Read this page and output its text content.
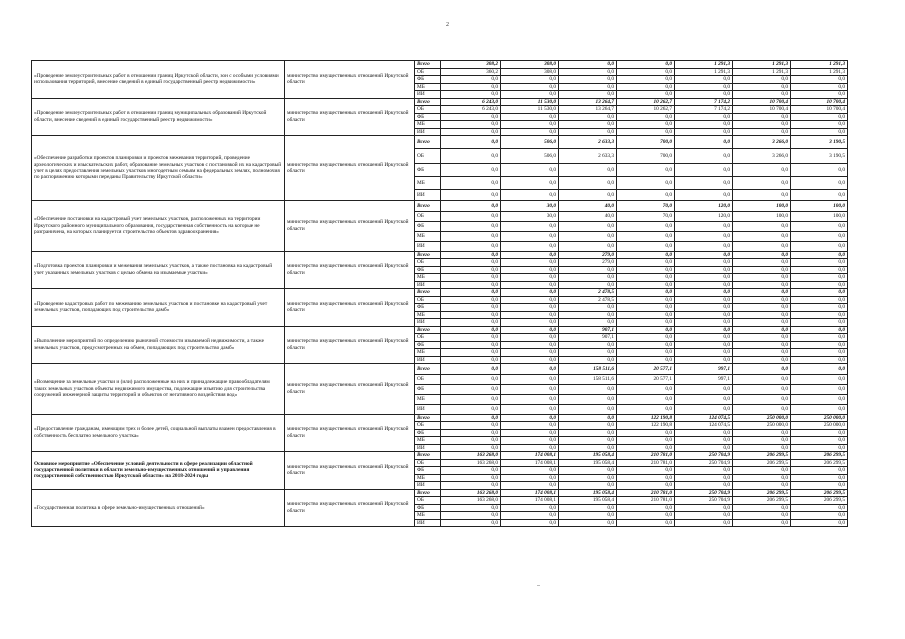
2
«Проведение землеустроительных работ в отношении границ Иркутской области, зон с особыми условиями использования территорий, внесение сведений в единый государственный реестр недвижимости»	министерство имущественных отношений Иркутской области	Всего	308,2	308,0	0,0	0,0	1 291,3	1 291,3	1 291,3
		ОБ	360,2	308,0	0,0	0,0	1 291,3	1 291,3	1 291,3
		ФБ	0,0	0,0	0,0	0,0	0,0	0,0	0,0
		МБ	0,0	0,0	0,0	0,0	0,0	0,0	0,0
		ИИ	0,0	0,0	0,0	0,0	0,0	0,0	0,0
«Проведение землеустроительных работ в отношении границ муниципальных образований Иркутской области, внесение сведений в единый государственный реестр недвижимости»	министерство имущественных отношений Иркутской области	Всего	6 243,0	11 530,0	13 264,7	10 262,7	7 174,2	10 700,4	10 700,4
		ОБ	6 243,0	11 530,0	13 264,7	10 262,7	7 174,2	10 700,4	10 700,4
		ФБ	0,0	0,0	0,0	0,0	0,0	0,0	0,0
		МБ	0,0	0,0	0,0	0,0	0,0	0,0	0,0
		ИИ	0,0	0,0	0,0	0,0	0,0	0,0	0,0
«Обеспечение разработки проектов планировки и проектов межевания территорий, проведение археологических и изыскательских работ, образование земельных участков с постановкой их на кадастровый учет в целях предоставления земельных участков многодетным семьям на федеральных землях, полномочия по распоряжению которыми переданы Правительству Иркутской области»	министерство имущественных отношений Иркутской области	Всего	0,0	506,0	2 633,3	700,0	0,0	3 266,0	3 190,5
		ОБ	0,0	506,0	2 633,3	700,0	0,0	3 266,0	3 190,5
		ФБ	0,0	0,0	0,0	0,0	0,0	0,0	0,0
		МБ	0,0	0,0	0,0	0,0	0,0	0,0	0,0
		ИИ	0,0	0,0	0,0	0,0	0,0	0,0	0,0
«Обеспечение постановки на кадастровый учет земельных участков, расположенных на территории Иркутского районного муниципального образования, государственная собственность на которые не разграничена, на которых планируется строительство объектов здравоохранения»	министерство имущественных отношений Иркутской области	Всего	0,0	30,0	40,0	70,0	120,0	100,0	100,0
		ОБ	0,0	30,0	40,0	70,0	120,0	100,0	100,0
		ФБ	0,0	0,0	0,0	0,0	0,0	0,0	0,0
		МБ	0,0	0,0	0,0	0,0	0,0	0,0	0,0
		ИИ	0,0	0,0	0,0	0,0	0,0	0,0	0,0
«Подготовка проектов планировки и межевания земельных участков, а также постановка на кадастровый учет указанных земельных участков с целью обмена на изымаемые участки»	министерство имущественных отношений Иркутской области	Всего	0,0	0,0	279,0	0,0	0,0	0,0	0,0
		ОБ	0,0	0,0	279,0	0,0	0,0	0,0	0,0
		ФБ	0,0	0,0	0,0	0,0	0,0	0,0	0,0
		МБ	0,0	0,0	0,0	0,0	0,0	0,0	0,0
		ИИ	0,0	0,0	0,0	0,0	0,0	0,0	0,0
«Проведение кадастровых работ по межеванию земельных участков и постановке на кадастровый учет земельных участков, попадающих под строительство дамб»	министерство имущественных отношений Иркутской области	Всего	0,0	0,0	2 478,5	0,0	0,0	0,0	0,0
		ОБ	0,0	0,0	2 478,5	0,0	0,0	0,0	0,0
		ФБ	0,0	0,0	0,0	0,0	0,0	0,0	0,0
		МБ	0,0	0,0	0,0	0,0	0,0	0,0	0,0
		ИИ	0,0	0,0	0,0	0,0	0,0	0,0	0,0
«Выполнение мероприятий по определению рыночной стоимости изымаемой недвижимости, а также земельных участков, предусмотренных на обмен, попадающих под строительство дамб»	министерство имущественных отношений Иркутской области	Всего	0,0	0,0	907,1	0,0	0,0	0,0	0,0
		ОБ	0,0	0,0	907,1	0,0	0,0	0,0	0,0
		ФБ	0,0	0,0	0,0	0,0	0,0	0,0	0,0
		МБ	0,0	0,0	0,0	0,0	0,0	0,0	0,0
		ИИ	0,0	0,0	0,0	0,0	0,0	0,0	0,0
«Возмещение за земельные участки и (или) расположенные на них и принадлежащие правообладателям таких земельных участков объекты недвижимого имущества, подлежащие изъятию для строительства сооружений инженерной защиты территорий и объектов от негативного воздействия вод»	министерство имущественных отношений Иркутской области	Всего	0,0	0,0	158 511,6	20 577,1	997,1	0,0	0,0
		ОБ	0,0	0,0	158 511,6	20 577,1	997,1	0,0	0,0
		ФБ	0,0	0,0	0,0	0,0	0,0	0,0	0,0
		МБ	0,0	0,0	0,0	0,0	0,0	0,0	0,0
		ИИ	0,0	0,0	0,0	0,0	0,0	0,0	0,0
«Предоставление гражданам, имеющим трех и более детей, социальной выплаты взамен предоставления в собственность бесплатно земельного участка»	министерство имущественных отношений Иркутской области	Всего	0,0	0,0	0,0	122 190,8	124 074,5	250 000,0	250 000,0
		ОБ	0,0	0,0	0,0	122 190,8	124 074,5	250 000,0	250 000,0
		ФБ	0,0	0,0	0,0	0,0	0,0	0,0	0,0
		МБ	0,0	0,0	0,0	0,0	0,0	0,0	0,0
		ИИ	0,0	0,0	0,0	0,0	0,0	0,0	0,0
Основное мероприятие «Обеспечение условий деятельности в сфере реализации областной государственной политики в области земельно-имущественных отношений и управления государственной собственностью Иркутской области» на 2018-2024 годы	министерство имущественных отношений Иркутской области	Всего	163 268,0	174 008,1	195 058,4	210 781,0	250 704,9	206 299,5	206 299,5
		ОБ	163 268,0	174 008,1	195 058,4	210 781,0	250 704,9	206 299,5	206 299,5
		ФБ	0,0	0,0	0,0	0,0	0,0	0,0	0,0
		МБ	0,0	0,0	0,0	0,0	0,0	0,0	0,0
		ИИ	0,0	0,0	0,0	0,0	0,0	0,0	0,0
«Государственная политика в сфере земельно-имущественных отношений»	министерство имущественных отношений Иркутской области	Всего	163 268,0	174 008,1	195 058,4	210 781,0	250 704,9	206 299,5	206 299,5
		ОБ	163 268,0	174 008,1	195 058,4	210 781,0	250 704,9	206 299,5	206 299,5
		ФБ	0,0	0,0	0,0	0,0	0,0	0,0	0,0
		МБ	0,0	0,0	0,0	0,0	0,0	0,0	0,0
		ИИ	0,0	0,0	0,0	0,0	0,0	0,0	0,0
